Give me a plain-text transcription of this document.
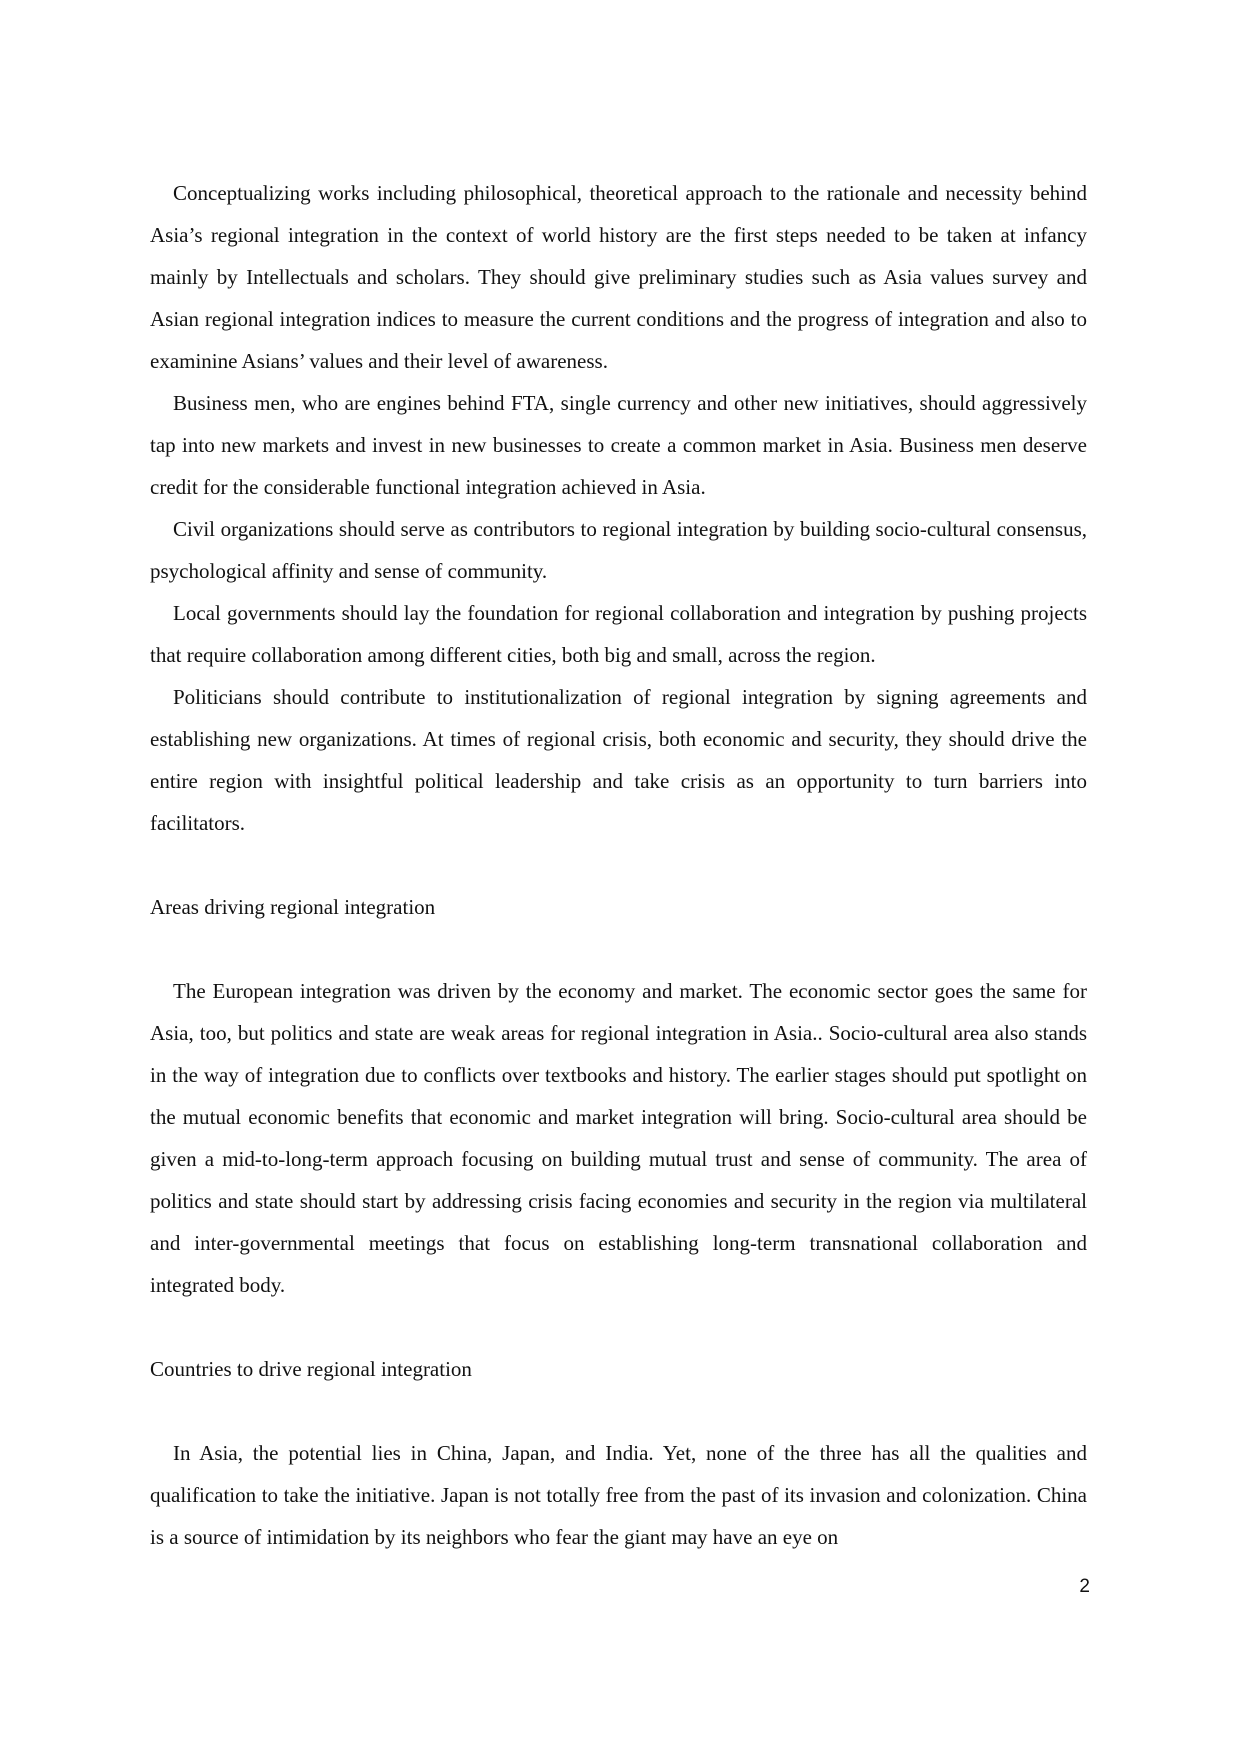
Conceptualizing works including philosophical, theoretical approach to the rationale and necessity behind Asia’s regional integration in the context of world history are the first steps needed to be taken at infancy mainly by Intellectuals and scholars. They should give preliminary studies such as Asia values survey and Asian regional integration indices to measure the current conditions and the progress of integration and also to examinine Asians’ values and their level of awareness.

Business men, who are engines behind FTA, single currency and other new initiatives, should aggressively tap into new markets and invest in new businesses to create a common market in Asia. Business men deserve credit for the considerable functional integration achieved in Asia.

Civil organizations should serve as contributors to regional integration by building socio-cultural consensus, psychological affinity and sense of community.

Local governments should lay the foundation for regional collaboration and integration by pushing projects that require collaboration among different cities, both big and small, across the region.

Politicians should contribute to institutionalization of regional integration by signing agreements and establishing new organizations. At times of regional crisis, both economic and security, they should drive the entire region with insightful political leadership and take crisis as an opportunity to turn barriers into facilitators.

Areas driving regional integration

The European integration was driven by the economy and market. The economic sector goes the same for Asia, too, but politics and state are weak areas for regional integration in Asia.. Socio-cultural area also stands in the way of integration due to conflicts over textbooks and history. The earlier stages should put spotlight on the mutual economic benefits that economic and market integration will bring. Socio-cultural area should be given a mid-to-long-term approach focusing on building mutual trust and sense of community. The area of politics and state should start by addressing crisis facing economies and security in the region via multilateral and inter-governmental meetings that focus on establishing long-term transnational collaboration and integrated body.

Countries to drive regional integration

In Asia, the potential lies in China, Japan, and India. Yet, none of the three has all the qualities and qualification to take the initiative. Japan is not totally free from the past of its invasion and colonization. China is a source of intimidation by its neighbors who fear the giant may have an eye on

2
